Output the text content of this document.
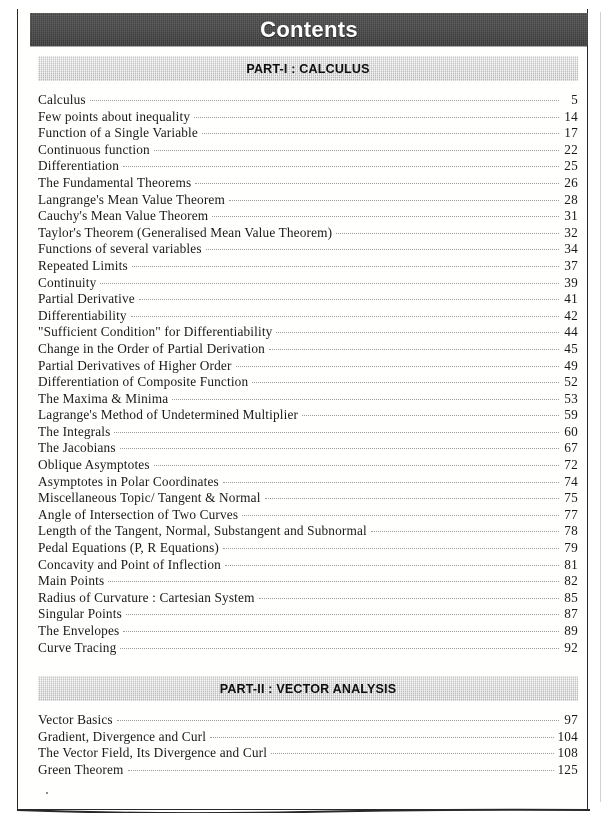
Contents
PART-I : CALCULUS
Calculus	5
Few points about inequality	14
Function of a Single Variable	17
Continuous function	22
Differentiation	25
The Fundamental Theorems	26
Langrange's Mean Value Theorem	28
Cauchy's Mean Value Theorem	31
Taylor's Theorem (Generalised Mean Value Theorem)	32
Functions of several variables	34
Repeated Limits	37
Continuity	39
Partial Derivative	41
Differentiability	42
"Sufficient Condition" for Differentiability	44
Change in the Order of Partial Derivation	45
Partial Derivatives of Higher Order	49
Differentiation of Composite Function	52
The Maxima & Minima	53
Lagrange's Method of Undetermined Multiplier	59
The Integrals	60
The Jacobians	67
Oblique Asymptotes	72
Asymptotes in Polar Coordinates	74
Miscellaneous Topic/ Tangent & Normal	75
Angle of Intersection of Two Curves	77
Length of the Tangent, Normal, Substangent and Subnormal	78
Pedal Equations (P, R Equations)	79
Concavity and Point of Inflection	81
Main Points	82
Radius of Curvature : Cartesian System	85
Singular Points	87
The Envelopes	89
Curve Tracing	92
PART-II : VECTOR ANALYSIS
Vector Basics	97
Gradient, Divergence and Curl	104
The Vector Field, Its Divergence and Curl	108
Green Theorem	125
